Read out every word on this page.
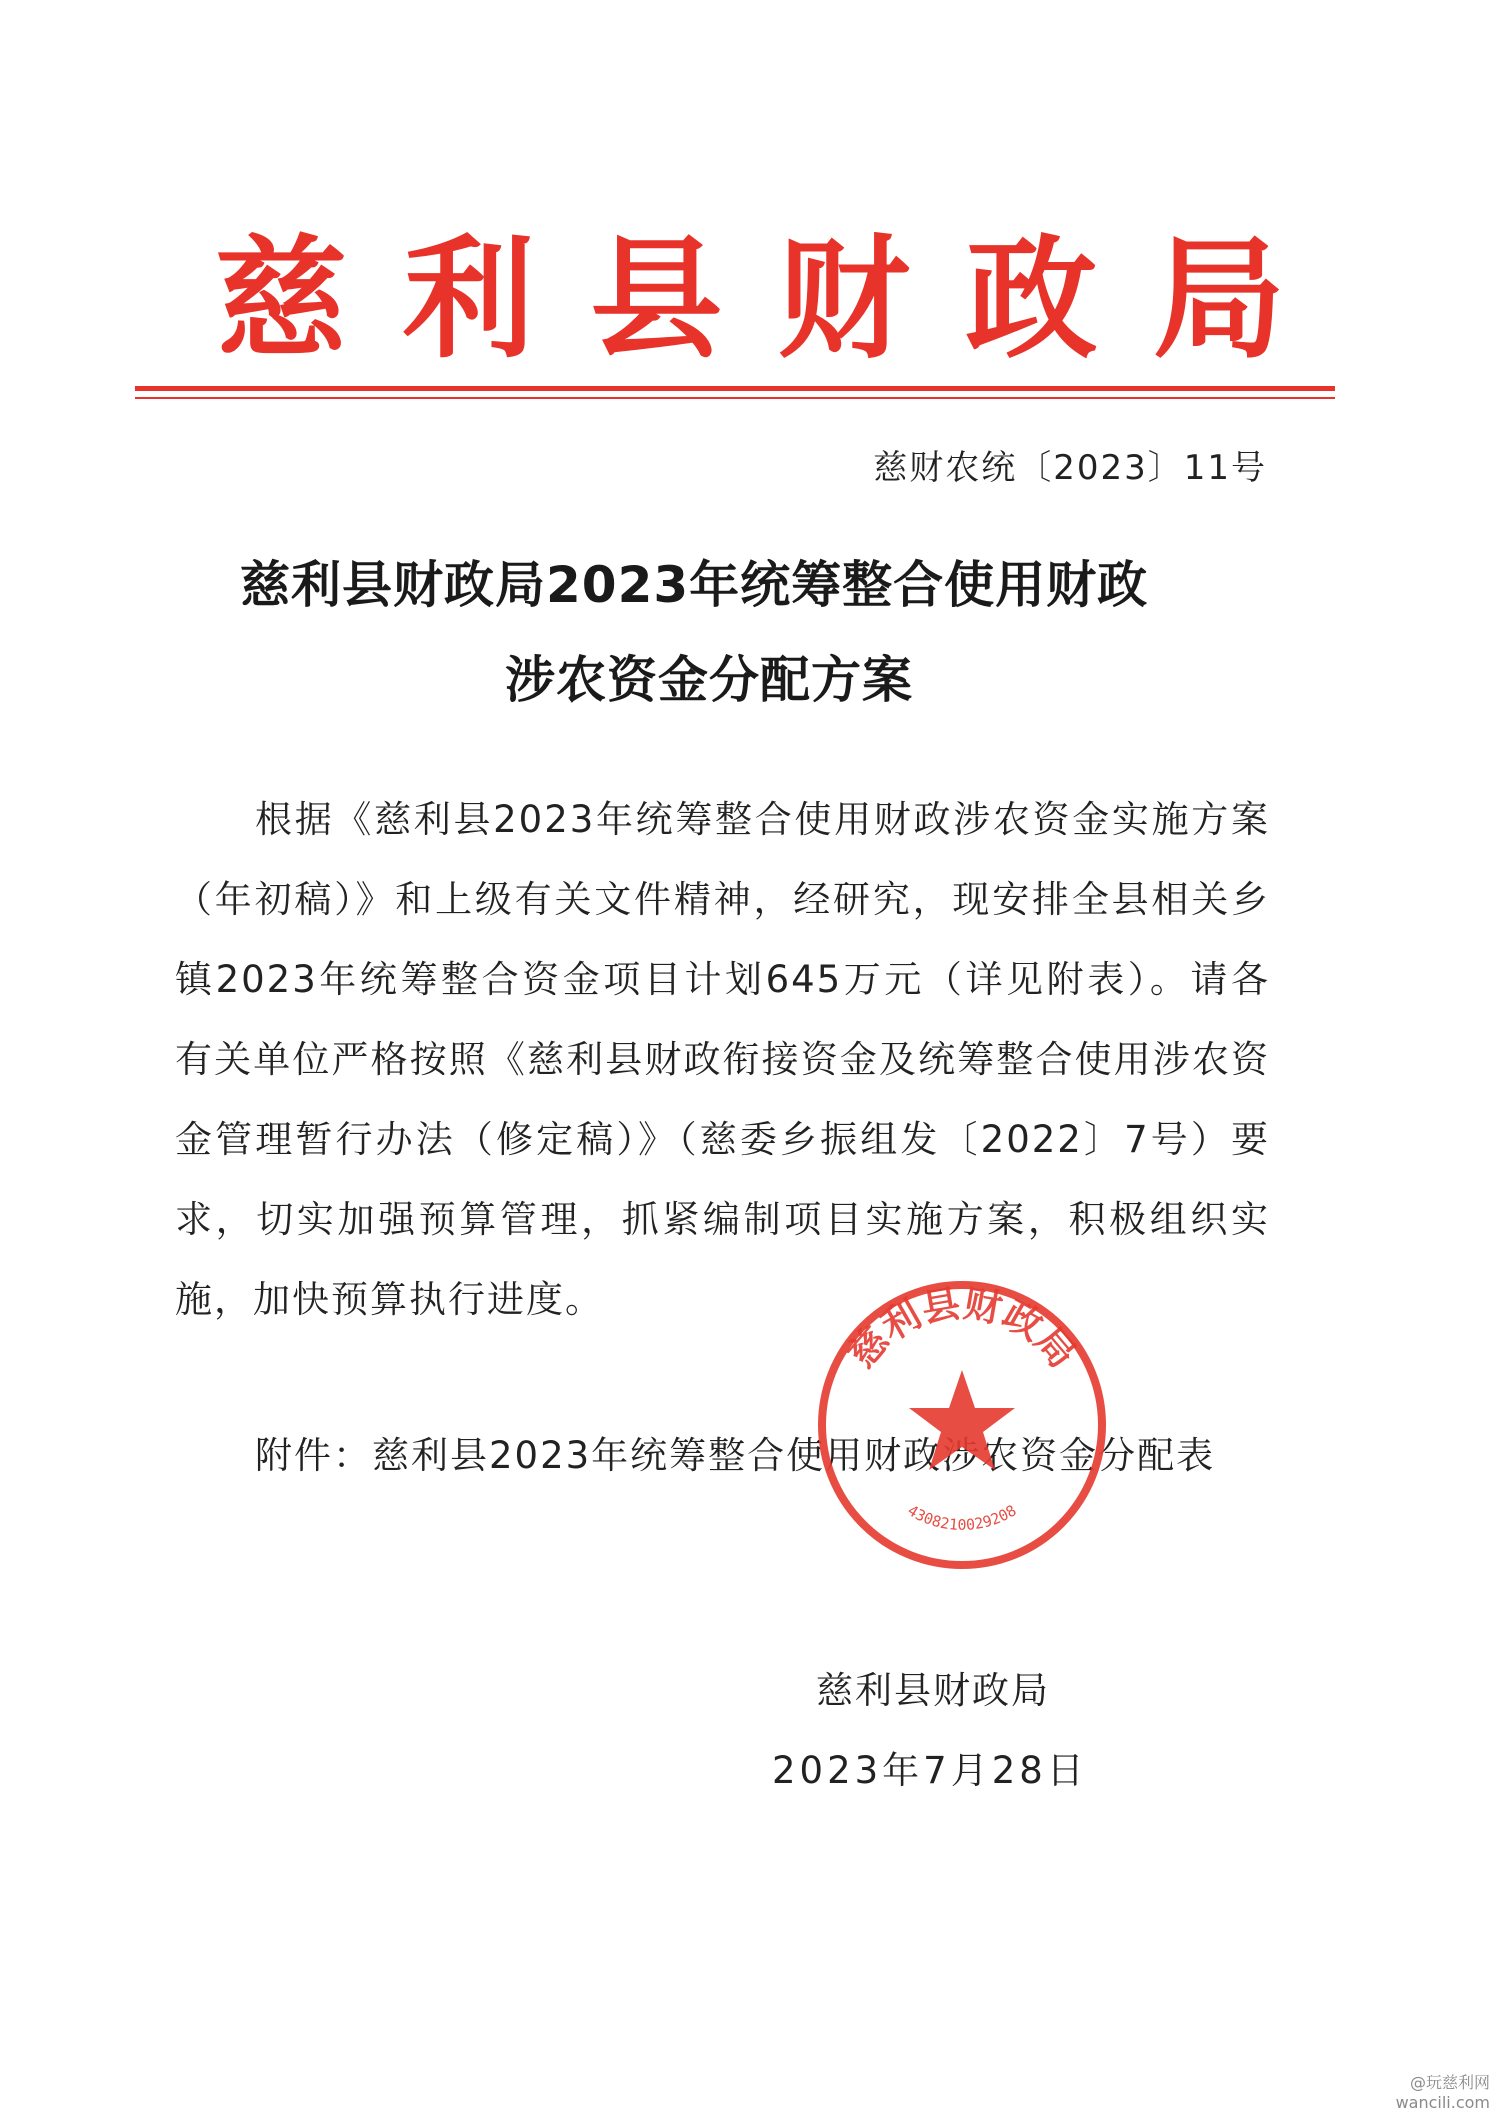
慈 利 县 财 政 局
慈财农统〔2023〕11号
慈利县财政局2023年统筹整合使用财政
涉农资金分配方案
根据《慈利县2023年统筹整合使用财政涉农资金实施方案（年初稿）》和上级有关文件精神，经研究，现安排全县相关乡镇2023年统筹整合资金项目计划645万元（详见附表）。请各有关单位严格按照《慈利县财政衔接资金及统筹整合使用涉农资金管理暂行办法（修定稿）》（慈委乡振组发〔2022〕7号）要求，切实加强预算管理，抓紧编制项目实施方案，积极组织实施，加快预算执行进度。
附件：慈利县2023年统筹整合使用财政涉农资金分配表
慈利县财政局
4308210029208
慈利县财政局
2023年7月28日
@玩慈利网
wancili.com
